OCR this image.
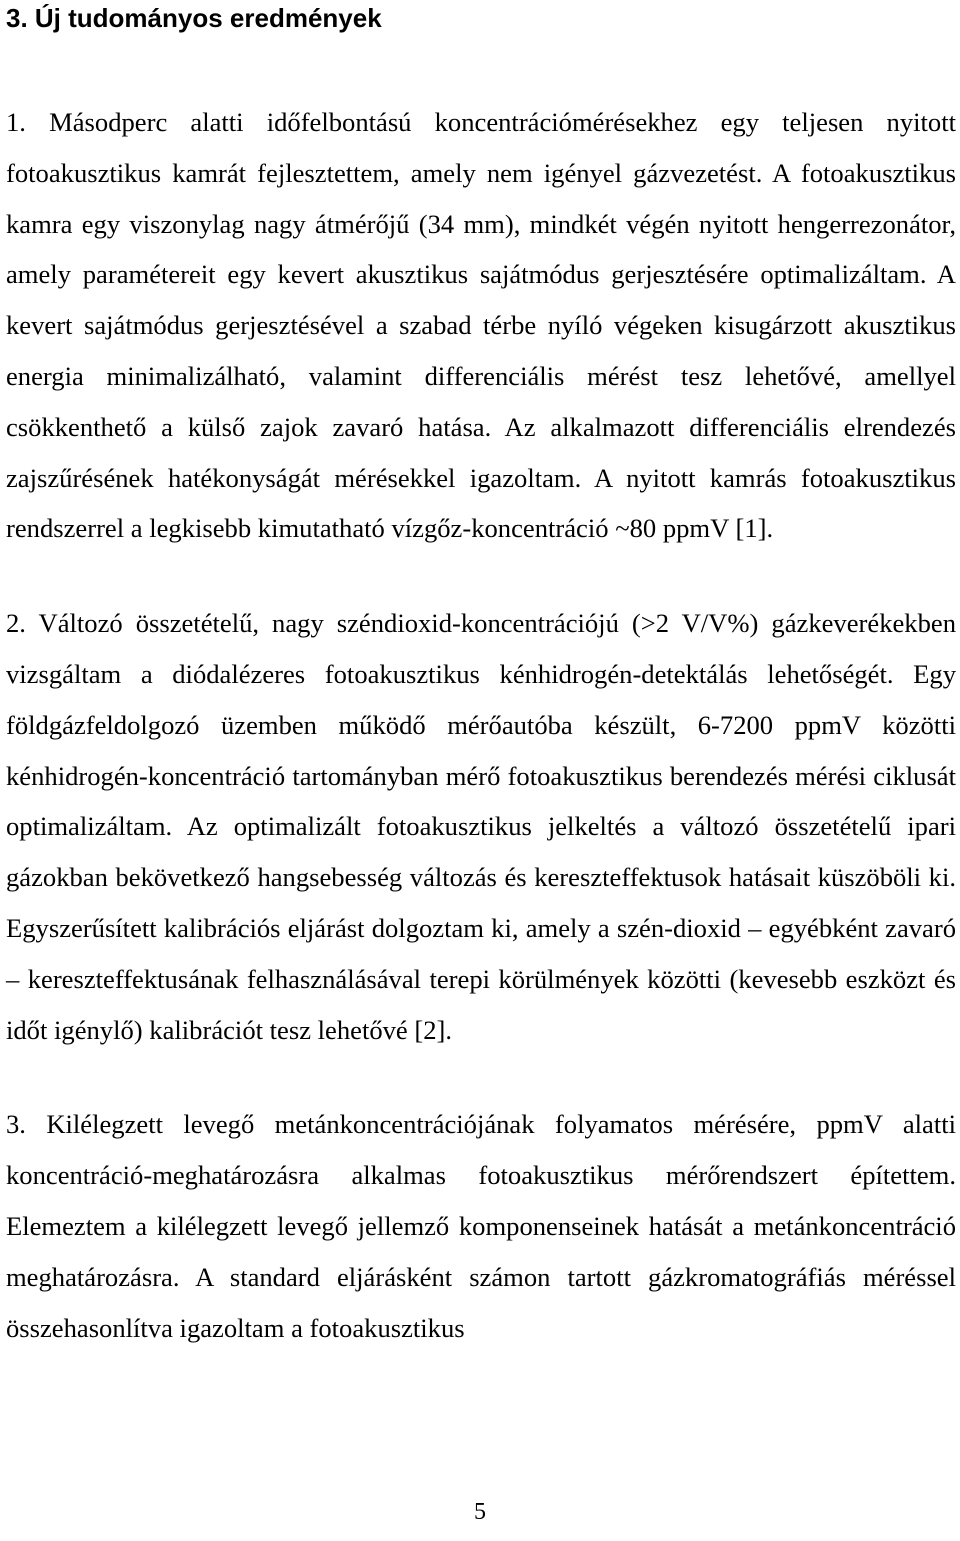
3. Új tudományos eredmények

1. Másodperc alatti időfelbontású koncentrációmérésekhez egy teljesen nyitott fotoakusztikus kamrát fejlesztettem, amely nem igényel gázvezetést. A fotoakusztikus kamra egy viszonylag nagy átmérőjű (34 mm), mindkét végén nyitott hengerrezonátor, amely paramétereit egy kevert akusztikus sajátmódus gerjesztésére optimalizáltam. A kevert sajátmódus gerjesztésével a szabad térbe nyíló végeken kisugárzott akusztikus energia minimalizálható, valamint differenciális mérést tesz lehetővé, amellyel csökkenthető a külső zajok zavaró hatása. Az alkalmazott differenciális elrendezés zajszűrésének hatékonyságát mérésekkel igazoltam. A nyitott kamrás fotoakusztikus rendszerrel a legkisebb kimutatható vízgőz-koncentráció ~80 ppmV [1].

2. Változó összetételű, nagy széndioxid-koncentrációjú (>2 V/V%) gázkeverékekben vizsgáltam a diódalézeres fotoakusztikus kénhidrogén-detektálás lehetőségét. Egy földgázfeldolgozó üzemben működő mérőautóba készült, 6-7200 ppmV közötti kénhidrogén-koncentráció tartományban mérő fotoakusztikus berendezés mérési ciklusát optimalizáltam. Az optimalizált fotoakusztikus jelkeltés a változó összetételű ipari gázokban bekövetkező hangsebesség változás és kereszteffektusok hatásait küszöböli ki. Egyszerűsített kalibrációs eljárást dolgoztam ki, amely a szén-dioxid – egyébként zavaró – kereszteffektusának felhasználásával terepi körülmények közötti (kevesebb eszközt és időt igénylő) kalibrációt tesz lehetővé [2].

3. Kilélegzett levegő metánkoncentrációjának folyamatos mérésére, ppmV alatti koncentráció-meghatározásra alkalmas fotoakusztikus mérőrendszert építettem. Elemeztem a kilélegzett levegő jellemző komponenseinek hatását a metánkoncentráció meghatározásra. A standard eljárásként számon tartott gázkromatográfiás méréssel összehasonlítva igazoltam a fotoakusztikus

5
